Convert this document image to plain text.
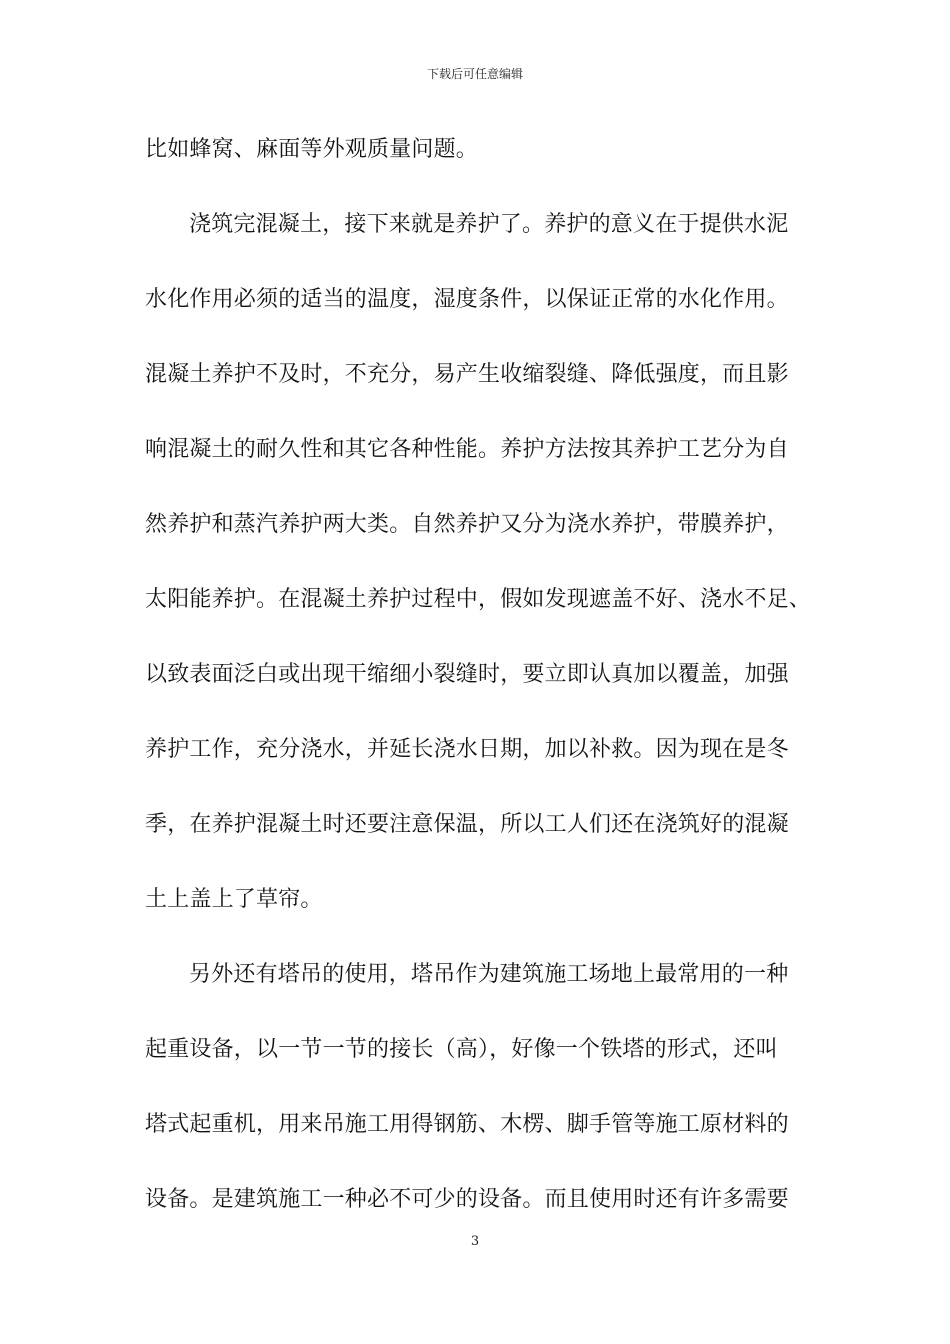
下载后可任意编辑
比如蜂窝、麻面等外观质量问题。
浇筑完混凝土，接下来就是养护了。养护的意义在于提供水泥
水化作用必须的适当的温度，湿度条件，以保证正常的水化作用。
混凝土养护不及时，不充分，易产生收缩裂缝、降低强度，而且影
响混凝土的耐久性和其它各种性能。养护方法按其养护工艺分为自
然养护和蒸汽养护两大类。自然养护又分为浇水养护，带膜养护，
太阳能养护。在混凝土养护过程中，假如发现遮盖不好、浇水不足、
以致表面泛白或出现干缩细小裂缝时，要立即认真加以覆盖，加强
养护工作，充分浇水，并延长浇水日期，加以补救。因为现在是冬
季，在养护混凝土时还要注意保温，所以工人们还在浇筑好的混凝
土上盖上了草帘。
另外还有塔吊的使用，塔吊作为建筑施工场地上最常用的一种
起重设备，以一节一节的接长（高），好像一个铁塔的形式，还叫
塔式起重机，用来吊施工用得钢筋、木楞、脚手管等施工原材料的
设备。是建筑施工一种必不可少的设备。而且使用时还有许多需要
3
